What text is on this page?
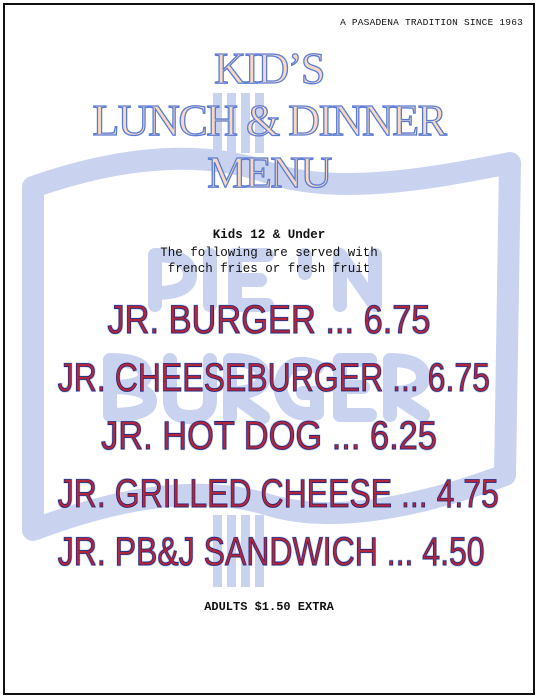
A PASADENA TRADITION SINCE 1963
KID’S
LUNCH & DINNER
MENU
Kids 12 & Under
The following are served with
french fries or fresh fruit
JR. BURGER ... 6.75
JR. CHEESEBURGER ... 6.75
JR. HOT DOG ... 6.25
JR. GRILLED CHEESE ... 4.75
JR. PB&J SANDWICH ... 4.50
ADULTS $1.50 EXTRA
